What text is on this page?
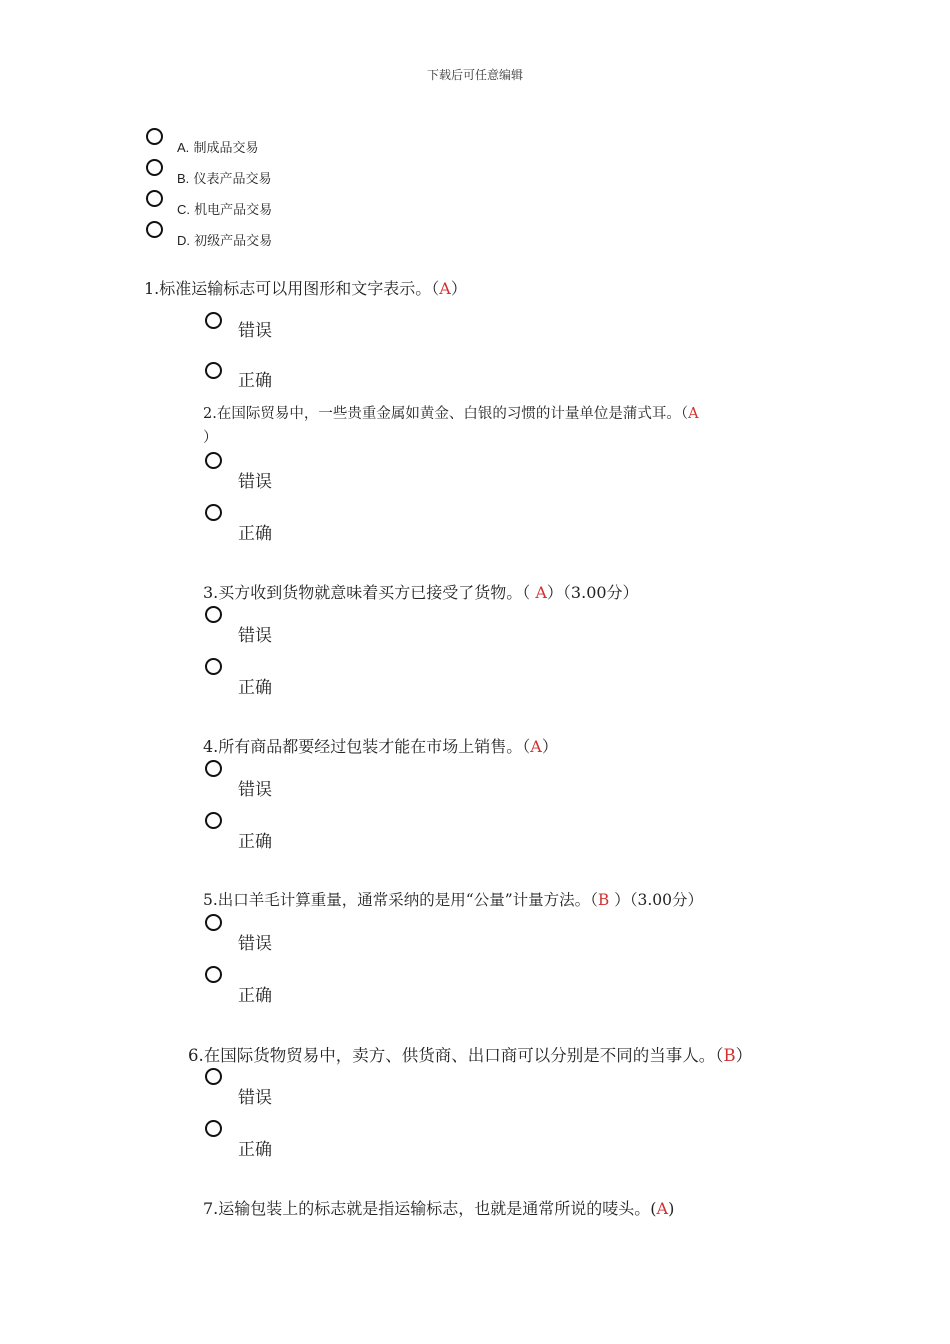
下载后可任意编辑
A. 制成品交易
B. 仪表产品交易
C. 机电产品交易
D. 初级产品交易
1.标准运输标志可以用图形和文字表示。（A）
错误
正确
2.在国际贸易中，一些贵重金属如黄金、白银的习惯的计量单位是蒲式耳。（A
）
错误
正确
3.买方收到货物就意味着买方已接受了货物。（ A）（3.00分）
错误
正确
4.所有商品都要经过包装才能在市场上销售。（A）
错误
正确
5.出口羊毛计算重量，通常采纳的是用“公量”计量方法。（B ）（3.00分）
错误
正确
6.在国际货物贸易中，卖方、供货商、出口商可以分别是不同的当事人。（B）
错误
正确
7.运输包装上的标志就是指运输标志，也就是通常所说的唛头。(A)
